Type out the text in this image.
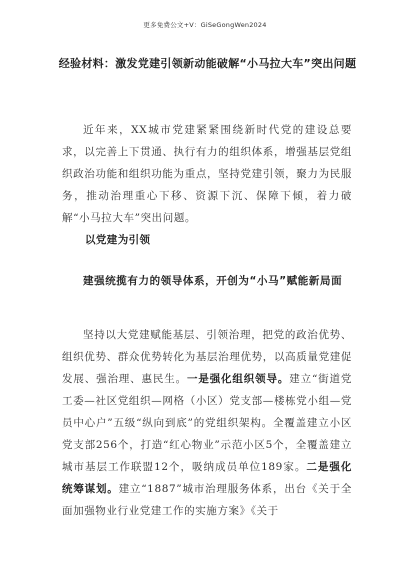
更多免费公文+V：GiSeGongWen2024
经验材料：激发党建引领新动能破解“小马拉大车”突出问题

近年来，XX城市党建紧紧围绕新时代党的建设总要求，以完善上下贯通、执行有力的组织体系，增强基层党组织政治功能和组织功能为重点，坚持党建引领，聚力为民服务，推动治理重心下移、资源下沉、保障下倾，着力破解“小马拉大车”突出问题。

以党建为引领

建强统揽有力的领导体系，开创为“小马”赋能新局面

坚持以大党建赋能基层、引领治理，把党的政治优势、组织优势、群众优势转化为基层治理优势，以高质量党建促发展、强治理、惠民生。一是强化组织领导。建立“街道党工委—社区党组织—网格（小区）党支部—楼栋党小组—党员中心户”五级“纵向到底”的党组织架构。全覆盖建立小区党支部256个，打造“红心物业”示范小区5个，全覆盖建立城市基层工作联盟12个，吸纳成员单位189家。二是强化统筹谋划。建立“1887”城市治理服务体系，出台《关于全面加强物业行业党建工作的实施方案》《关于
